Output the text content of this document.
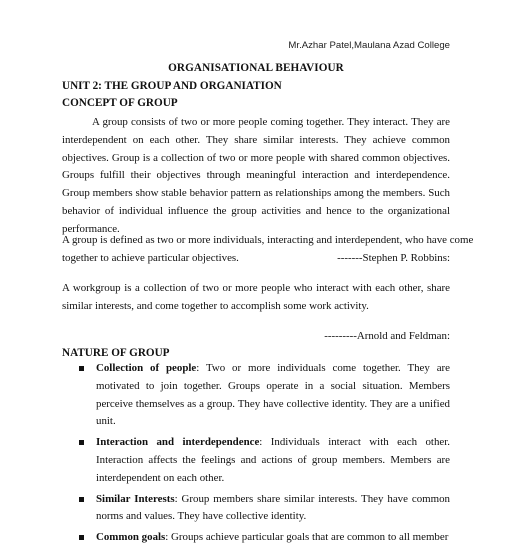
Mr.Azhar Patel,Maulana Azad College
ORGANISATIONAL BEHAVIOUR
UNIT 2: THE GROUP AND ORGANIATION
CONCEPT OF GROUP
A group consists of two or more people coming together. They interact. They are interdependent on each other. They share similar interests. They achieve common objectives. Group is a collection of two or more people with shared common objectives. Groups fulfill their objectives through meaningful interaction and interdependence. Group members show stable behavior pattern as relationships among the members. Such behavior of individual influence the group activities and hence to the organizational performance.
A group is defined as two or more individuals, interacting and interdependent, who have come
together to achieve particular objectives.	-------Stephen P. Robbins:
A workgroup is a collection of two or more people who interact with each other, share similar interests, and come together to accomplish some work activity.
---------Arnold and Feldman:
NATURE OF GROUP
Collection of people: Two or more individuals come together. They are motivated to join together. Groups operate in a social situation. Members perceive themselves as a group. They have collective identity. They are a unified unit.
Interaction and interdependence: Individuals interact with each other. Interaction affects the feelings and actions of group members. Members are interdependent on each other.
Similar Interests: Group members share similar interests. They have common norms and values. They have collective identity.
Common goals: Groups achieve particular goals that are common to all member
